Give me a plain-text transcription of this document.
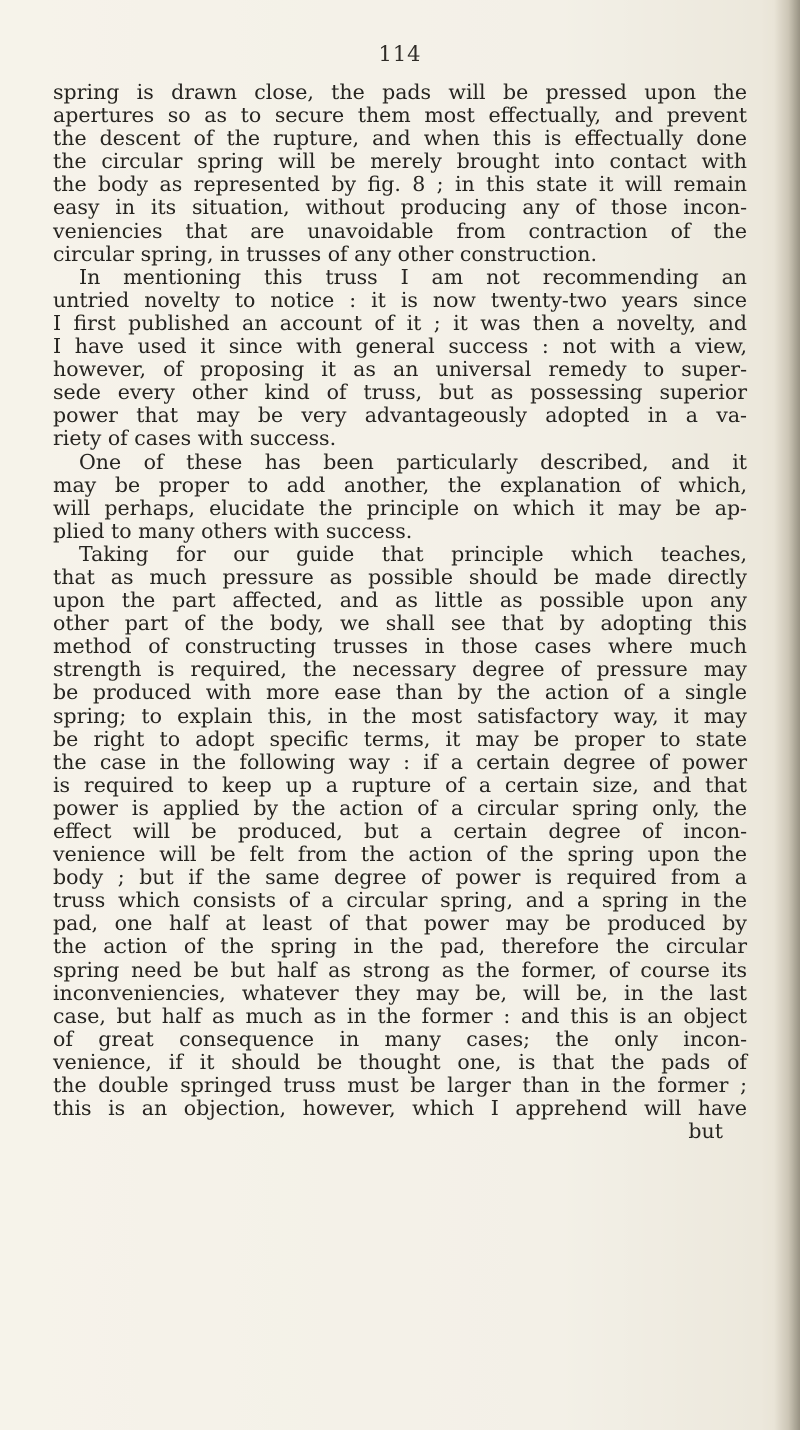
114
spring is drawn close, the pads will be pressed upon the
apertures so as to secure them most effectually, and prevent
the descent of the rupture, and when this is effectually done
the circular spring will be merely brought into contact with
the body as represented by fig. 8 ; in this state it will remain
easy in its situation, without producing any of those incon-
veniencies that are unavoidable from contraction of the
circular spring, in trusses of any other construction.
In mentioning this truss I am not recommending an
untried novelty to notice : it is now twenty-two years since
I first published an account of it ; it was then a novelty, and
I have used it since with general success : not with a view,
however, of proposing it as an universal remedy to super-
sede every other kind of truss, but as possessing superior
power that may be very advantageously adopted in a va-
riety of cases with success.
One of these has been particularly described, and it
may be proper to add another, the explanation of which,
will perhaps, elucidate the principle on which it may be ap-
plied to many others with success.
Taking for our guide that principle which teaches,
that as much pressure as possible should be made directly
upon the part affected, and as little as possible upon any
other part of the body, we shall see that by adopting this
method of constructing trusses in those cases where much
strength is required, the necessary degree of pressure may
be produced with more ease than by the action of a single
spring; to explain this, in the most satisfactory way, it may
be right to adopt specific terms, it may be proper to state
the case in the following way : if a certain degree of power
is required to keep up a rupture of a certain size, and that
power is applied by the action of a circular spring only, the
effect will be produced, but a certain degree of incon-
venience will be felt from the action of the spring upon the
body ; but if the same degree of power is required from a
truss which consists of a circular spring, and a spring in the
pad, one half at least of that power may be produced by
the action of the spring in the pad, therefore the circular
spring need be but half as strong as the former, of course its
inconveniencies, whatever they may be, will be, in the last
case, but half as much as in the former : and this is an object
of great consequence in many cases; the only incon-
venience, if it should be thought one, is that the pads of
the double springed truss must be larger than in the former ;
this is an objection, however, which I apprehend will have
but
